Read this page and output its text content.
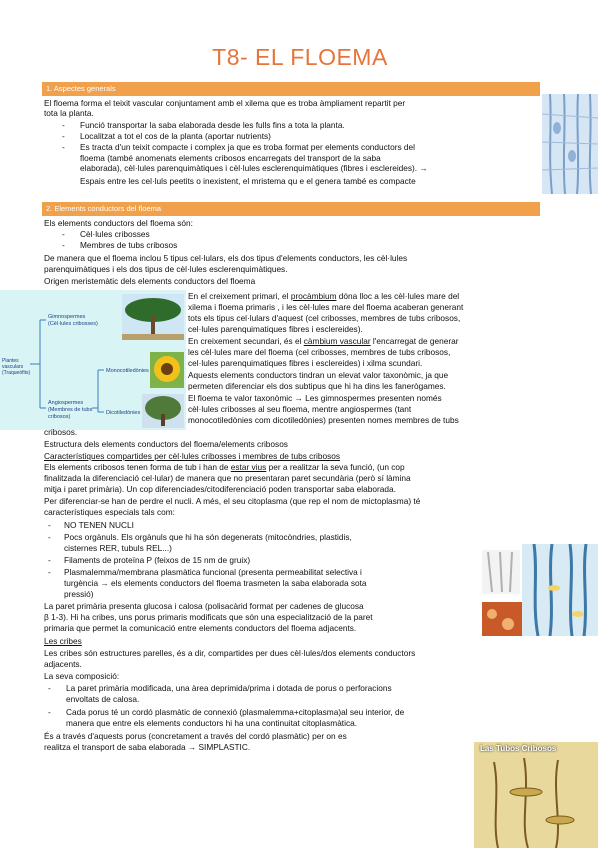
T8- EL FLOEMA
1. Aspectes generals
El floema forma el teixit vascular conjuntament amb el xilema que es troba àmpliament repartit per
tota la planta.
- Funció transportar la saba elaborada desde les fulls fins a tota la planta.
- Localitzat a tot el cos de la planta (aportar nutrients)
- Es tracta d'un teixit compacte i complex ja que es troba format per elements conductors del
floema (també anomenats elements cribosos encarregats del transport de la saba
elaborada), cèl·lules parenquimàtiques i cèl·lules esclerenquimàtiques (fibres i esclereides). →
Espais entre les cel·luls peetits o inexistent, el mristema qu e el genera també es compacte
2. Elements conductors del floema
Els elements conductors del floema són:
- Cèl·lules cribosses
- Membres de tubs cribosos
De manera que el floema inclou 5 tipus cel·lulars, els dos tipus d'elements conductors, les cèl·lules
parenquimàtiques i els dos tipus de cèl·lules esclerenquimàtiques.
Origen meristemàtic dels elements conductors del floema
Plantes vasculars (Traqueòfits)
Gimnospermes (Cèl·lules cribosses)
Angiospermes (Membres de tubs cribosos)
Monocotiledònies
Dicotiledònies
En el creixement primari, el procàmbium dóna lloc a les cèl·lules mare del
xilema i floema primaris , i les cèl·lules mare del floema acaberan generant
tots els tipus cel·lulars d'aquest (cel cribosses, membres de tubs cribosos,
cel·lules parenquimatiques fibres i esclereides).
En creixement secundari, és el càmbium vascular l'encarregat de generar
les cèl·lules mare del floema (cel cribosses, membres de tubs cribosos,
cel·lules parenquimatiques fibres i esclereides) i xilma scundari.
Aquests elements conductors tindran un elevat valor taxonòmic, ja que
permeten diferenciar els dos subtipus que hi ha dins les fanerògames.
El floema te valor taxonòmic → Les gimnospermes presenten només
cèl·lules cribosses al seu floema, mentre angiospermes (tant
monocotiledònies com dicotiledònies) presenten nomes membres de tubs
cribosos.
Estructura dels elements conductors del floema/elements cribosos
Característiques compartides per cèl·lules cribosses i membres de tubs cribosos
Els elements cribosos tenen forma de tub i han de estar vius per a realitzar la seva funció, (un cop
finalitzada la diferenciació cel·lular) de manera que no presentaran paret secundària (però sí làmina
mitja i paret primària). Un cop diferenciades/citodiferenciació poden transportar saba elaborada.
Per diferenciar-se han de perdre el nucli. A més, el seu citoplasma (que rep el nom de mictoplasma) té
característiques especials tals com:
- NO TENEN NUCLI
- Pocs orgànuls. Els orgànuls que hi ha són degenerats (mitocòndries, plastidis,
cisternes RER, tubuls REL...)
- Filaments de proteïna P (feixos de 15 nm de gruix)
- Plasmalemma/membrana plasmàtica funcional (presenta permeabilitat selectiva i
turgència → els elements conductors del floema trasmeten la saba elaborada sota
pressió)
La paret primària presenta glucosa i calosa (polisacàrid format per cadenes de glucosa
β 1-3). Hi ha cribes, uns porus primaris modificats que són una especialització de la paret
primaria que permet la comunicació entre elements conductors del floema adjacents.
Les cribes
Les cribes són estructures parelles, és a dir, compartides per dues cèl·lules/dos elements conductors
adjacents.
La seva composició:
- La paret primària modificada, una àrea deprimida/prima i dotada de porus o perforacions
envoltats de calosa.
- Cada porus té un cordó plasmàtic de connexió (plasmalemma+citoplasma)al seu interior, de
manera que entre els elements conductors hi ha una continuitat citoplasmàtica.
És a través d'aquests porus (concretament a través del cordó plasmàtic) per on es
realitza el transport de saba elaborada → SIMPLASTIC.	Las Tubos Cribosos
